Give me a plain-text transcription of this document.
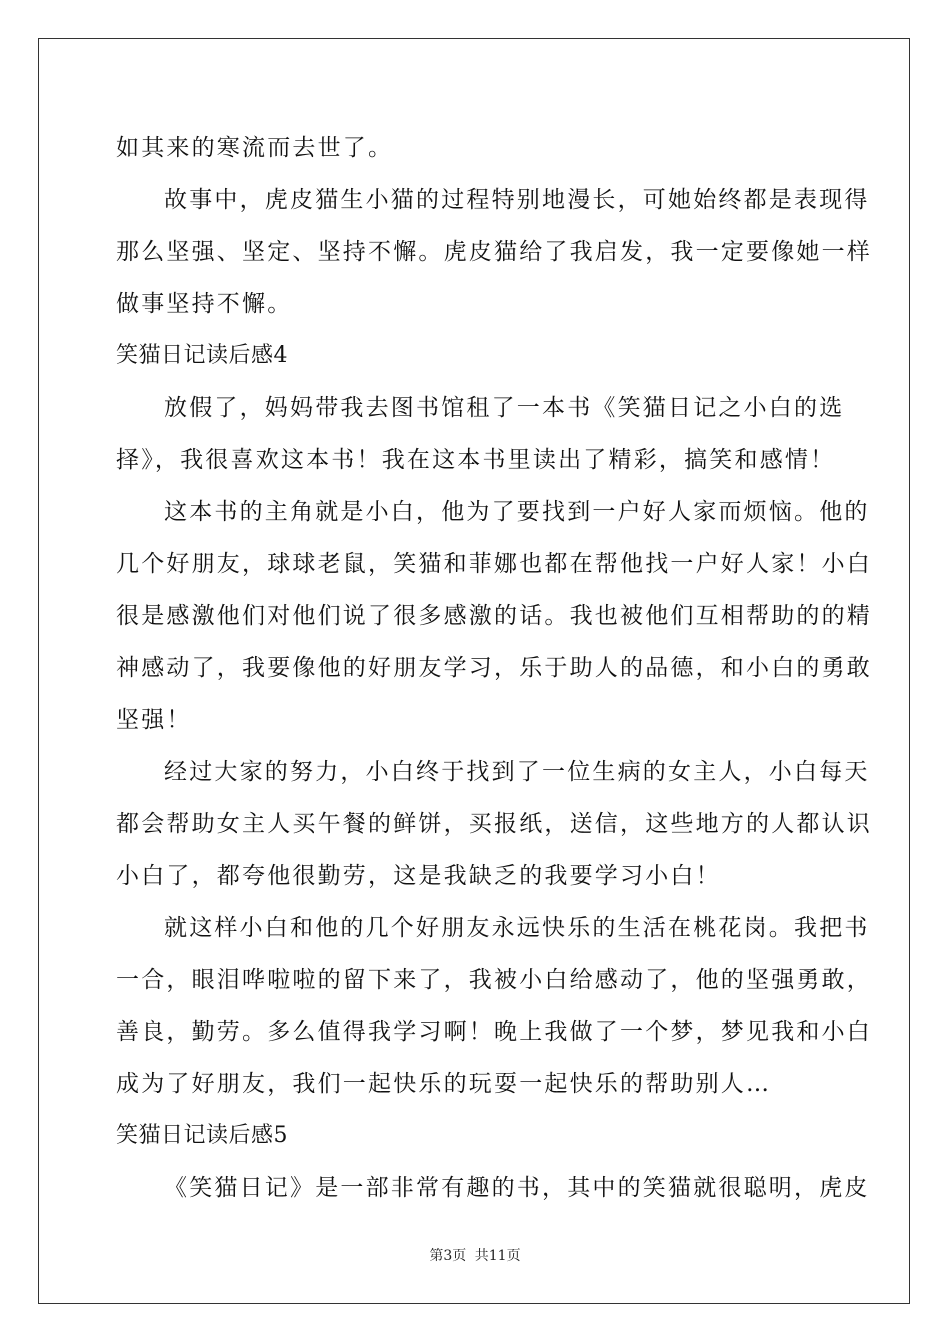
如其来的寒流而去世了。
故事中，虎皮猫生小猫的过程特别地漫长，可她始终都是表现得
那么坚强、坚定、坚持不懈。虎皮猫给了我启发，我一定要像她一样
做事坚持不懈。
笑猫日记读后感4
放假了，妈妈带我去图书馆租了一本书《笑猫日记之小白的选
择》，我很喜欢这本书！我在这本书里读出了精彩，搞笑和感情！
这本书的主角就是小白，他为了要找到一户好人家而烦恼。他的
几个好朋友，球球老鼠，笑猫和菲娜也都在帮他找一户好人家！小白
很是感激他们对他们说了很多感激的话。我也被他们互相帮助的的精
神感动了，我要像他的好朋友学习，乐于助人的品德，和小白的勇敢
坚强！
经过大家的努力，小白终于找到了一位生病的女主人，小白每天
都会帮助女主人买午餐的鲜饼，买报纸，送信，这些地方的人都认识
小白了，都夸他很勤劳，这是我缺乏的我要学习小白！
就这样小白和他的几个好朋友永远快乐的生活在桃花岗。我把书
一合，眼泪哗啦啦的留下来了，我被小白给感动了，他的坚强勇敢，
善良，勤劳。多么值得我学习啊！晚上我做了一个梦，梦见我和小白
成为了好朋友，我们一起快乐的玩耍一起快乐的帮助别人…
笑猫日记读后感5
《笑猫日记》是一部非常有趣的书，其中的笑猫就很聪明，虎皮
第3页 共11页
